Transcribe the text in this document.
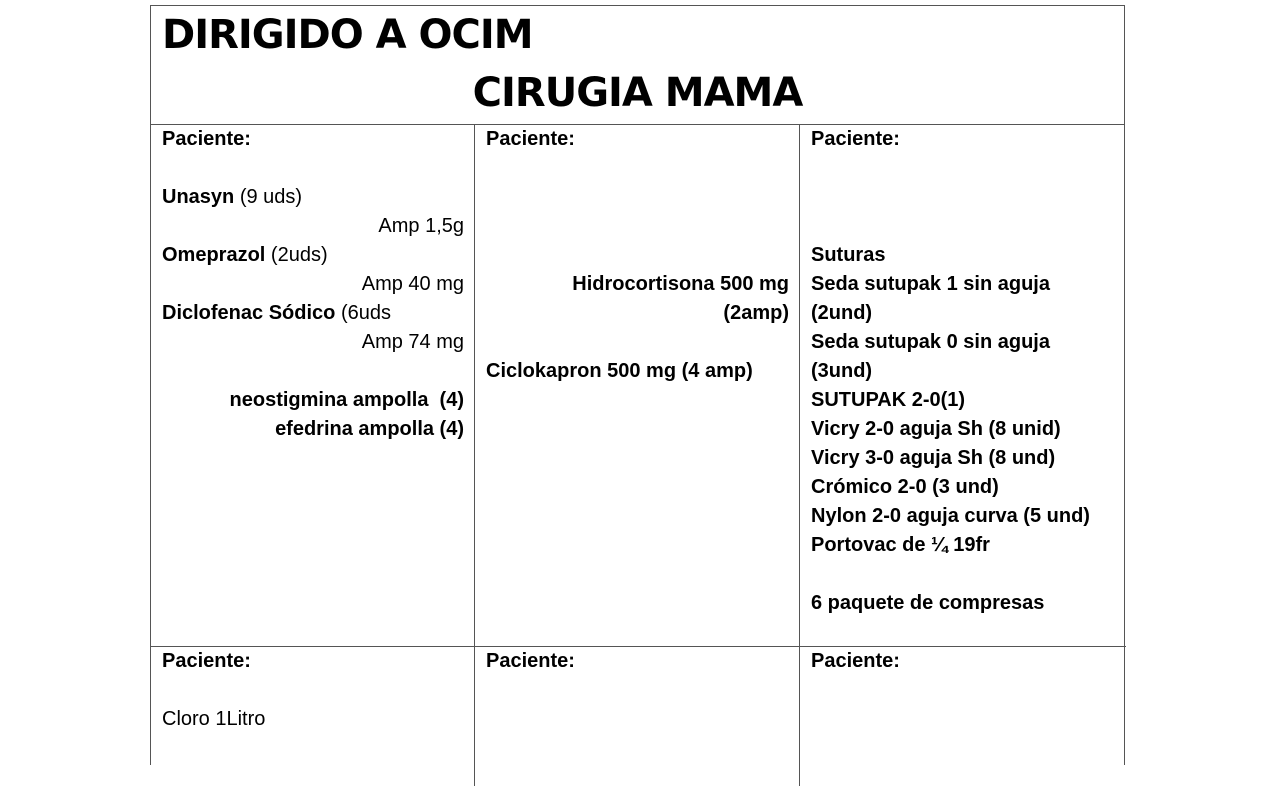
DIRIGIDO A OCIM
CIRUGIA MAMA
Paciente:
Unasyn (9 uds)
Amp 1,5g
Omeprazol (2uds)
Amp 40 mg
Diclofenac Sódico (6uds
Amp 74 mg
neostigmina ampolla  (4)
efedrina ampolla (4)
Paciente:
Hidrocortisona 500 mg
(2amp)
Ciclokapron 500 mg (4 amp)
Paciente:
Suturas
Seda sutupak 1 sin aguja (2und)
Seda sutupak 0 sin aguja (3und)
SUTUPAK 2-0(1)
Vicry 2-0 aguja Sh (8 unid)
Vicry 3-0 aguja Sh (8 und)
Crómico 2-0 (3 und)
Nylon 2-0 aguja curva (5 und)
Portovac de ¼ 19fr
6 paquete de compresas
Paciente:
Cloro 1Litro
Paciente:	Paciente:
